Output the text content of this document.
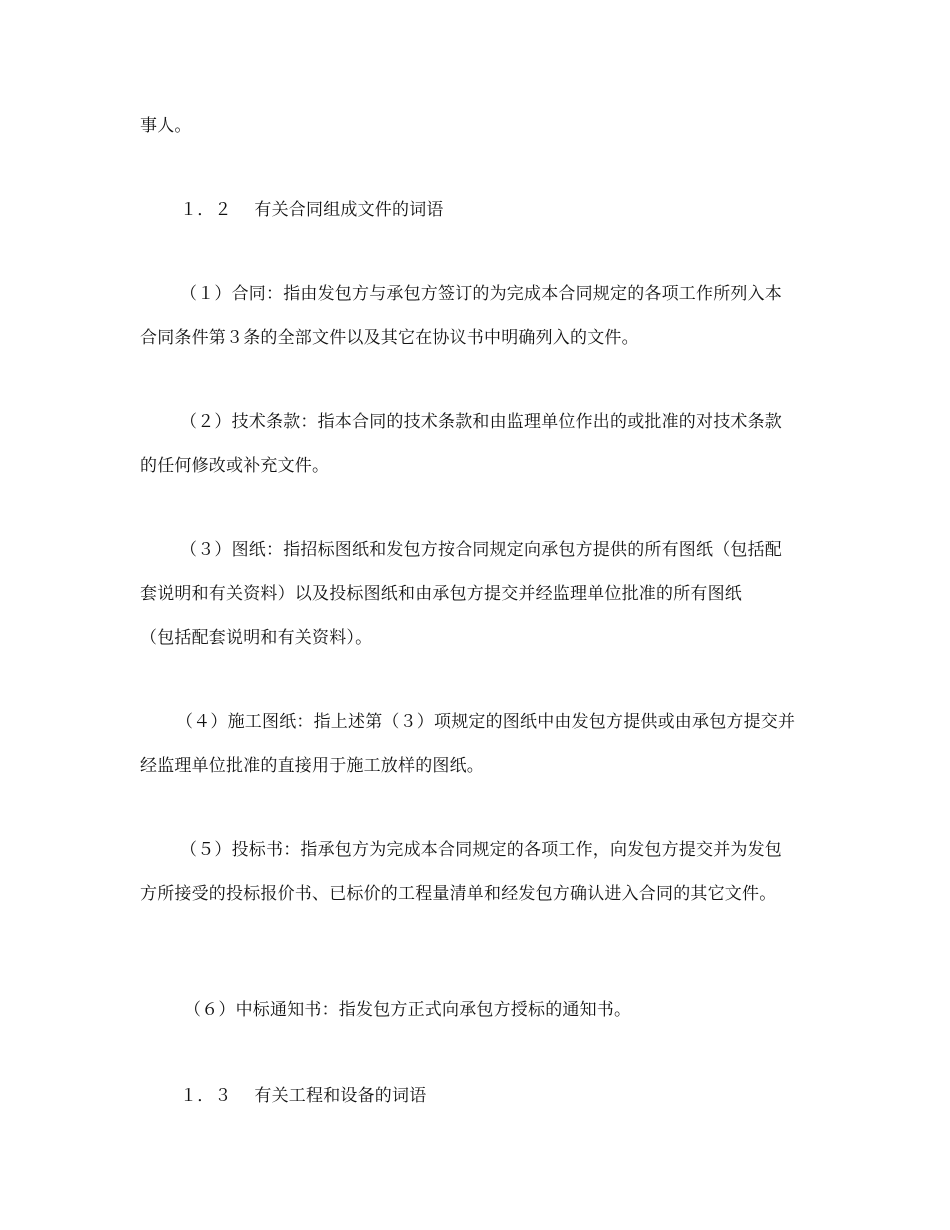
事人。
１．２　 有关合同组成文件的词语
（１）合同：指由发包方与承包方签订的为完成本合同规定的各项工作所列入本
合同条件第３条的全部文件以及其它在协议书中明确列入的文件。
（２）技术条款：指本合同的技术条款和由监理单位作出的或批准的对技术条款
的任何修改或补充文件。
（３）图纸：指招标图纸和发包方按合同规定向承包方提供的所有图纸（包括配
套说明和有关资料）以及投标图纸和由承包方提交并经监理单位批准的所有图纸
（包括配套说明和有关资料）。
（４）施工图纸：指上述第（３）项规定的图纸中由发包方提供或由承包方提交并
经监理单位批准的直接用于施工放样的图纸。
（５）投标书：指承包方为完成本合同规定的各项工作，向发包方提交并为发包
方所接受的投标报价书、已标价的工程量清单和经发包方确认进入合同的其它文件。
（６）中标通知书：指发包方正式向承包方授标的通知书。
１．３　 有关工程和设备的词语
